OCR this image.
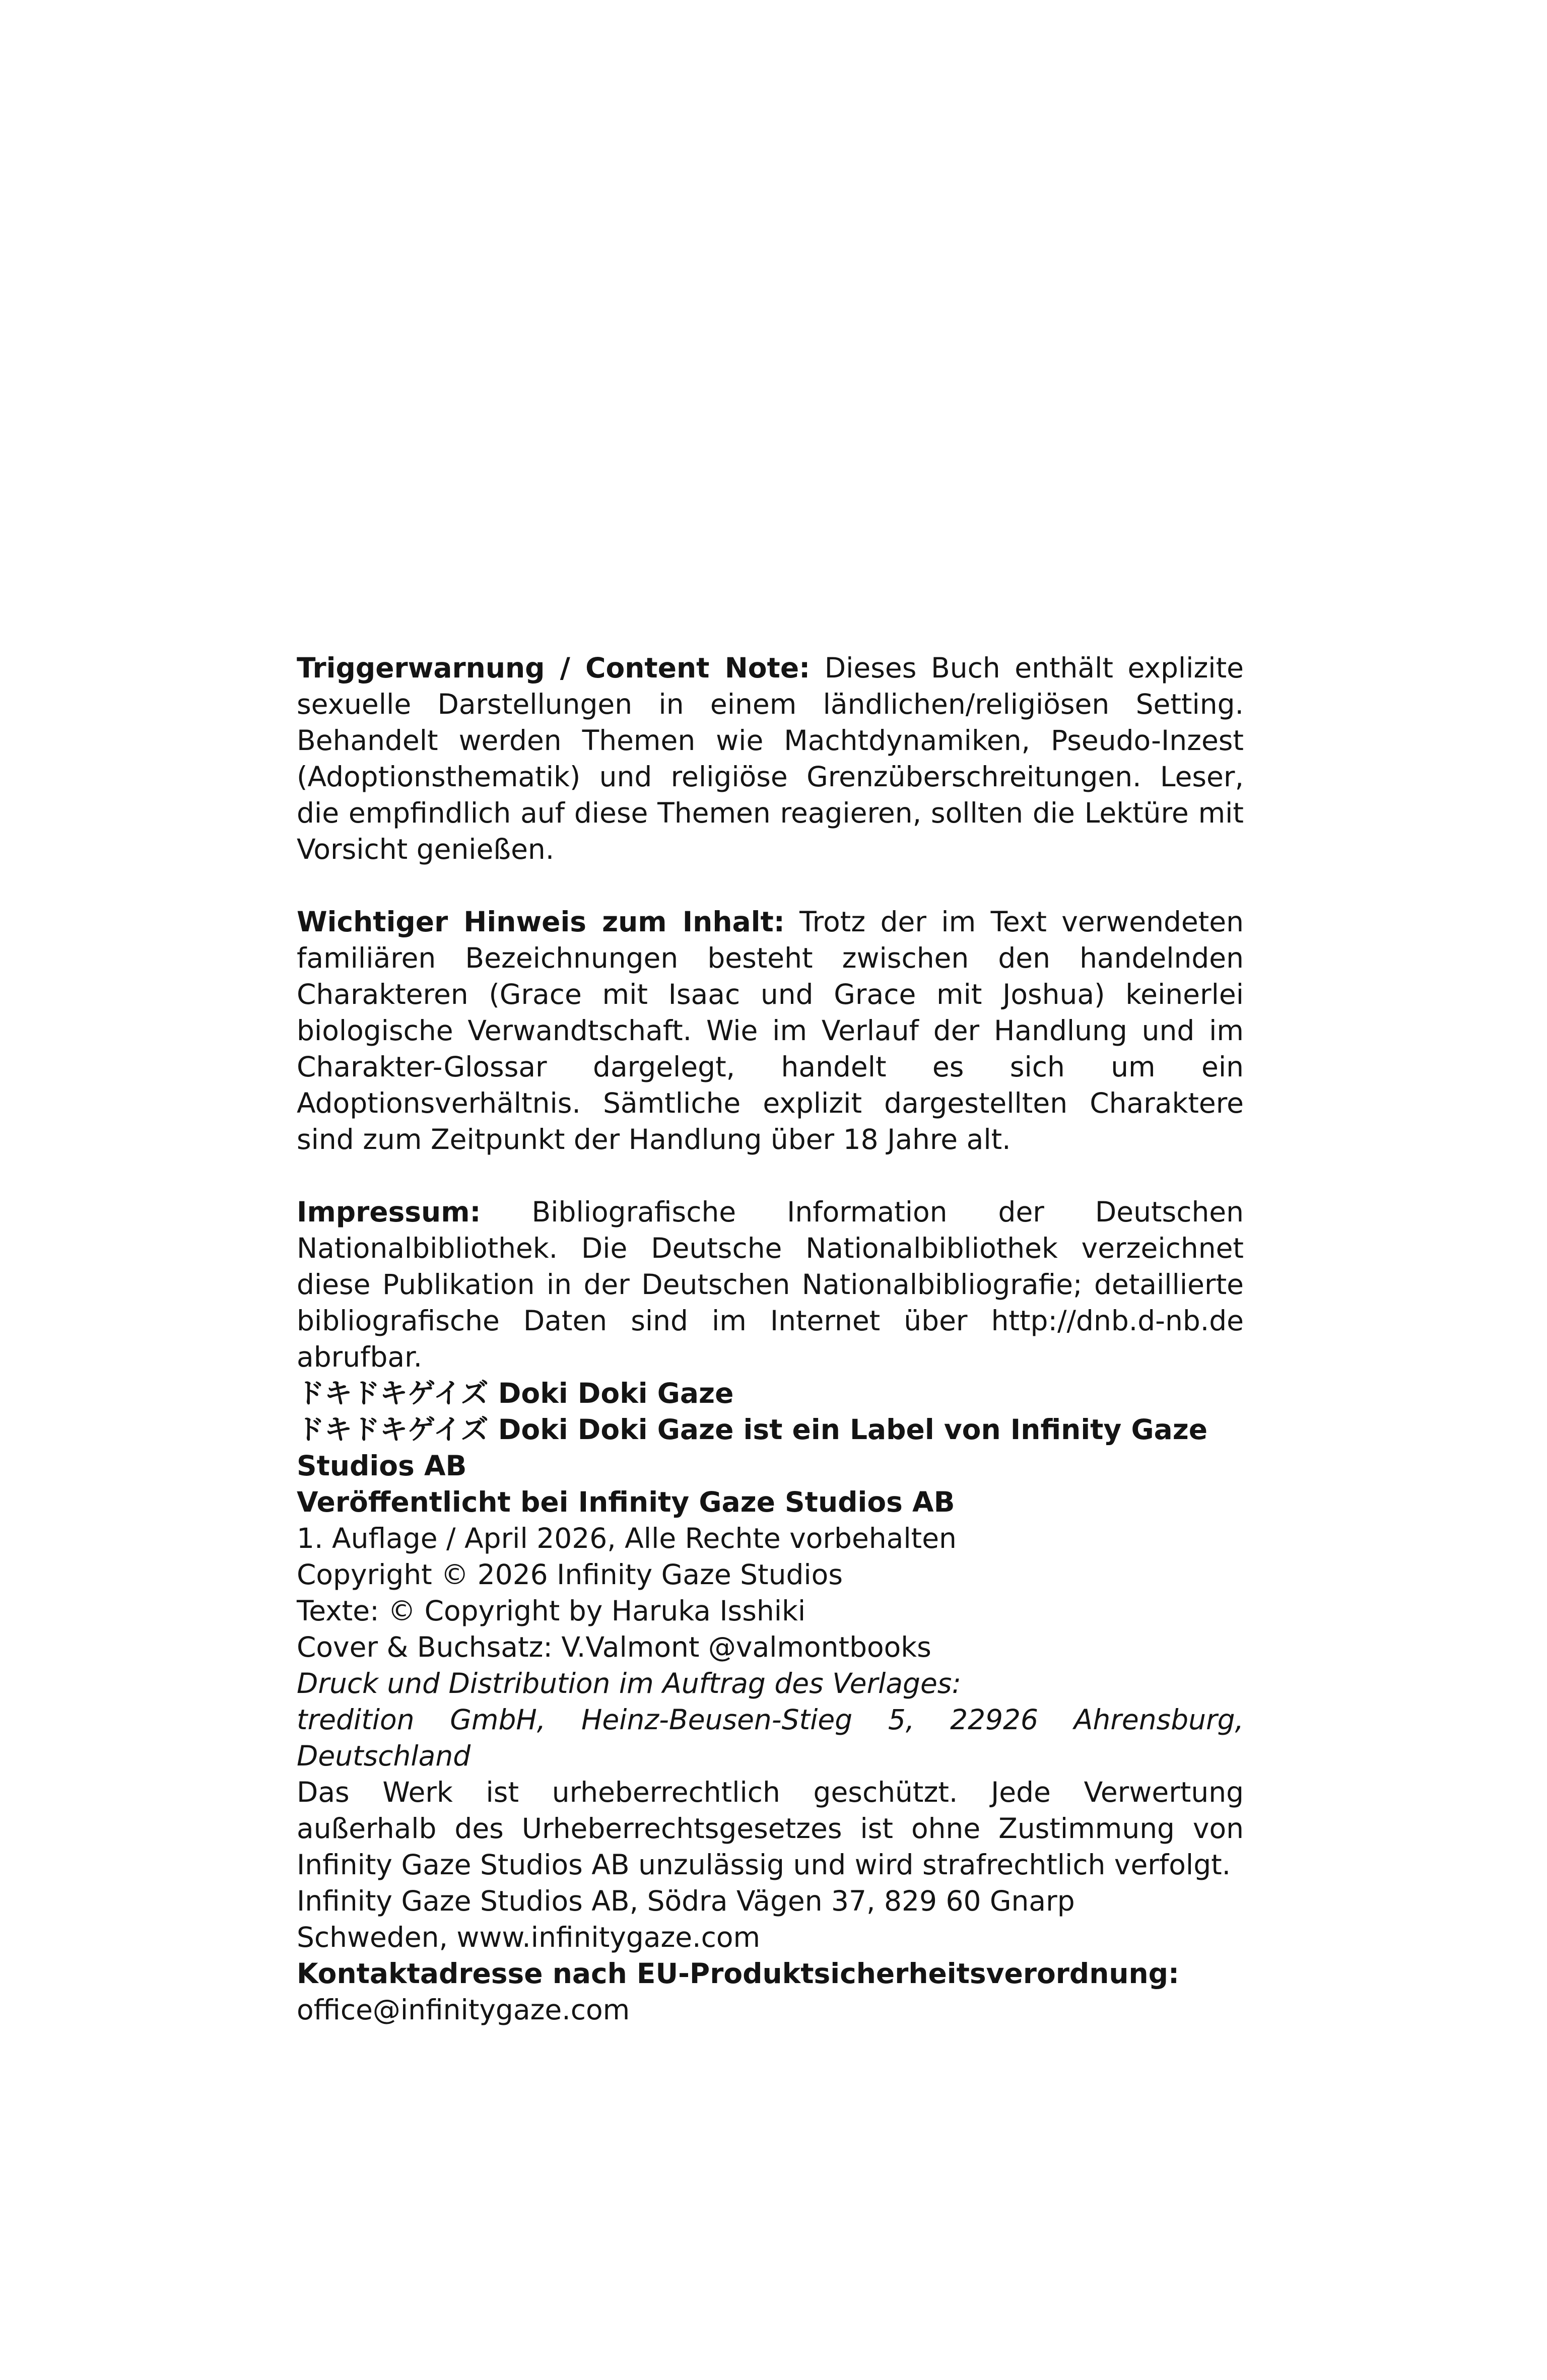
Triggerwarnung / Content Note: Dieses Buch enthält explizite sexuelle Darstellungen in einem ländlichen/religiösen Setting. Behandelt werden Themen wie Machtdynamiken, Pseudo-Inzest (Adoptionsthematik) und religiöse Grenzüberschreitungen. Leser, die empfindlich auf diese Themen reagieren, sollten die Lektüre mit Vorsicht genießen.

Wichtiger Hinweis zum Inhalt: Trotz der im Text verwendeten familiären Bezeichnungen besteht zwischen den handelnden Charakteren (Grace mit Isaac und Grace mit Joshua) keinerlei biologische Verwandtschaft. Wie im Verlauf der Handlung und im Charakter-Glossar dargelegt, handelt es sich um ein Adoptionsverhältnis. Sämtliche explizit dargestellten Charaktere sind zum Zeitpunkt der Handlung über 18 Jahre alt.

Impressum: Bibliografische Information der Deutschen Nationalbibliothek. Die Deutsche Nationalbibliothek verzeichnet diese Publikation in der Deutschen Nationalbibliografie; detaillierte bibliografische Daten sind im Internet über http://dnb.d-nb.de abrufbar.

ドキドキゲイズ Doki Doki Gaze

ドキドキゲイズ Doki Doki Gaze ist ein Label von Infinity Gaze Studios AB

Veröffentlicht bei Infinity Gaze Studios AB

1. Auflage / April 2026, Alle Rechte vorbehalten

Copyright © 2026 Infinity Gaze Studios

Texte: © Copyright by Haruka Isshiki

Cover & Buchsatz: V.Valmont @valmontbooks

Druck und Distribution im Auftrag des Verlages:

tredition GmbH, Heinz-Beusen-Stieg 5, 22926 Ahrensburg, Deutschland

Das Werk ist urheberrechtlich geschützt. Jede Verwertung außerhalb des Urheberrechtsgesetzes ist ohne Zustimmung von Infinity Gaze Studios AB unzulässig und wird strafrechtlich verfolgt.

Infinity Gaze Studios AB, Södra Vägen 37, 829 60 Gnarp

Schweden, www.infinitygaze.com

Kontaktadresse nach EU-Produktsicherheitsverordnung:

office@infinitygaze.com
